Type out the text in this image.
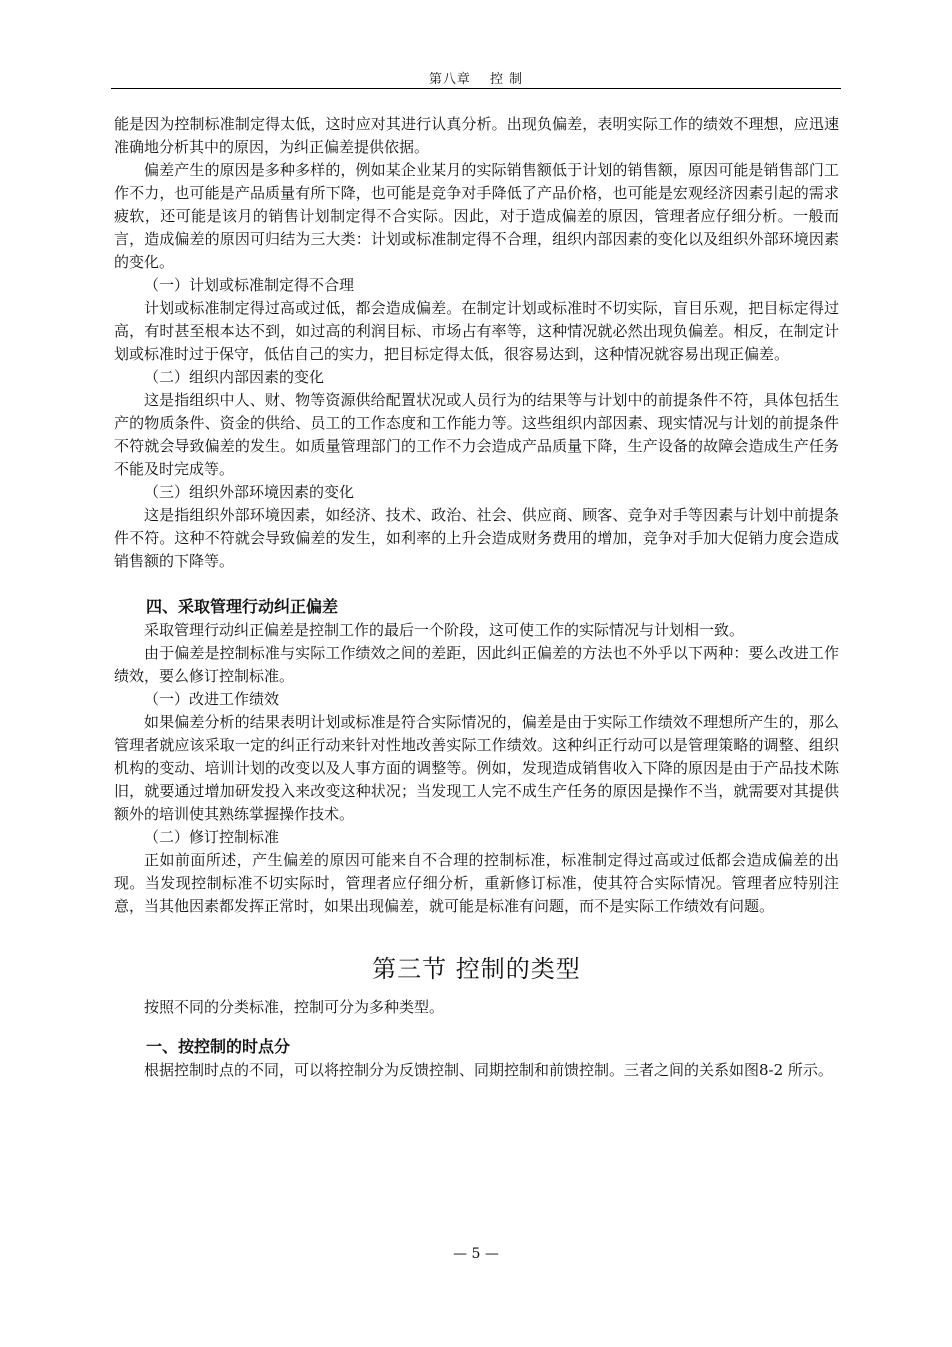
第八章　 控 制

能是因为控制标准制定得太低，这时应对其进行认真分析。出现负偏差，表明实际工作的绩效不理想，应迅速准确地分析其中的原因，为纠正偏差提供依据。

偏差产生的原因是多种多样的，例如某企业某月的实际销售额低于计划的销售额，原因可能是销售部门工作不力，也可能是产品质量有所下降，也可能是竞争对手降低了产品价格，也可能是宏观经济因素引起的需求疲软，还可能是该月的销售计划制定得不合实际。因此，对于造成偏差的原因，管理者应仔细分析。一般而言，造成偏差的原因可归结为三大类：计划或标准制定得不合理，组织内部因素的变化以及组织外部环境因素的变化。

（一）计划或标准制定得不合理

计划或标准制定得过高或过低，都会造成偏差。在制定计划或标准时不切实际，盲目乐观，把目标定得过高，有时甚至根本达不到，如过高的利润目标、市场占有率等，这种情况就必然出现负偏差。相反，在制定计划或标准时过于保守，低估自己的实力，把目标定得太低，很容易达到，这种情况就容易出现正偏差。

（二）组织内部因素的变化

这是指组织中人、财、物等资源供给配置状况或人员行为的结果等与计划中的前提条件不符，具体包括生产的物质条件、资金的供给、员工的工作态度和工作能力等。这些组织内部因素、现实情况与计划的前提条件不符就会导致偏差的发生。如质量管理部门的工作不力会造成产品质量下降，生产设备的故障会造成生产任务不能及时完成等。

（三）组织外部环境因素的变化

这是指组织外部环境因素，如经济、技术、政治、社会、供应商、顾客、竞争对手等因素与计划中前提条件不符。这种不符就会导致偏差的发生，如利率的上升会造成财务费用的增加，竞争对手加大促销力度会造成销售额的下降等。

四、采取管理行动纠正偏差

采取管理行动纠正偏差是控制工作的最后一个阶段，这可使工作的实际情况与计划相一致。

由于偏差是控制标准与实际工作绩效之间的差距，因此纠正偏差的方法也不外乎以下两种：要么改进工作绩效，要么修订控制标准。

（一）改进工作绩效

如果偏差分析的结果表明计划或标准是符合实际情况的，偏差是由于实际工作绩效不理想所产生的，那么管理者就应该采取一定的纠正行动来针对性地改善实际工作绩效。这种纠正行动可以是管理策略的调整、组织机构的变动、培训计划的改变以及人事方面的调整等。例如，发现造成销售收入下降的原因是由于产品技术陈旧，就要通过增加研发投入来改变这种状况；当发现工人完不成生产任务的原因是操作不当，就需要对其提供额外的培训使其熟练掌握操作技术。

（二）修订控制标准

正如前面所述，产生偏差的原因可能来自不合理的控制标准，标准制定得过高或过低都会造成偏差的出现。当发现控制标准不切实际时，管理者应仔细分析，重新修订标准，使其符合实际情况。管理者应特别注意，当其他因素都发挥正常时，如果出现偏差，就可能是标准有问题，而不是实际工作绩效有问题。

第三节 控制的类型

按照不同的分类标准，控制可分为多种类型。

一、按控制的时点分

根据控制时点的不同，可以将控制分为反馈控制、同期控制和前馈控制。三者之间的关系如图8-2 所示。

— 5 —
